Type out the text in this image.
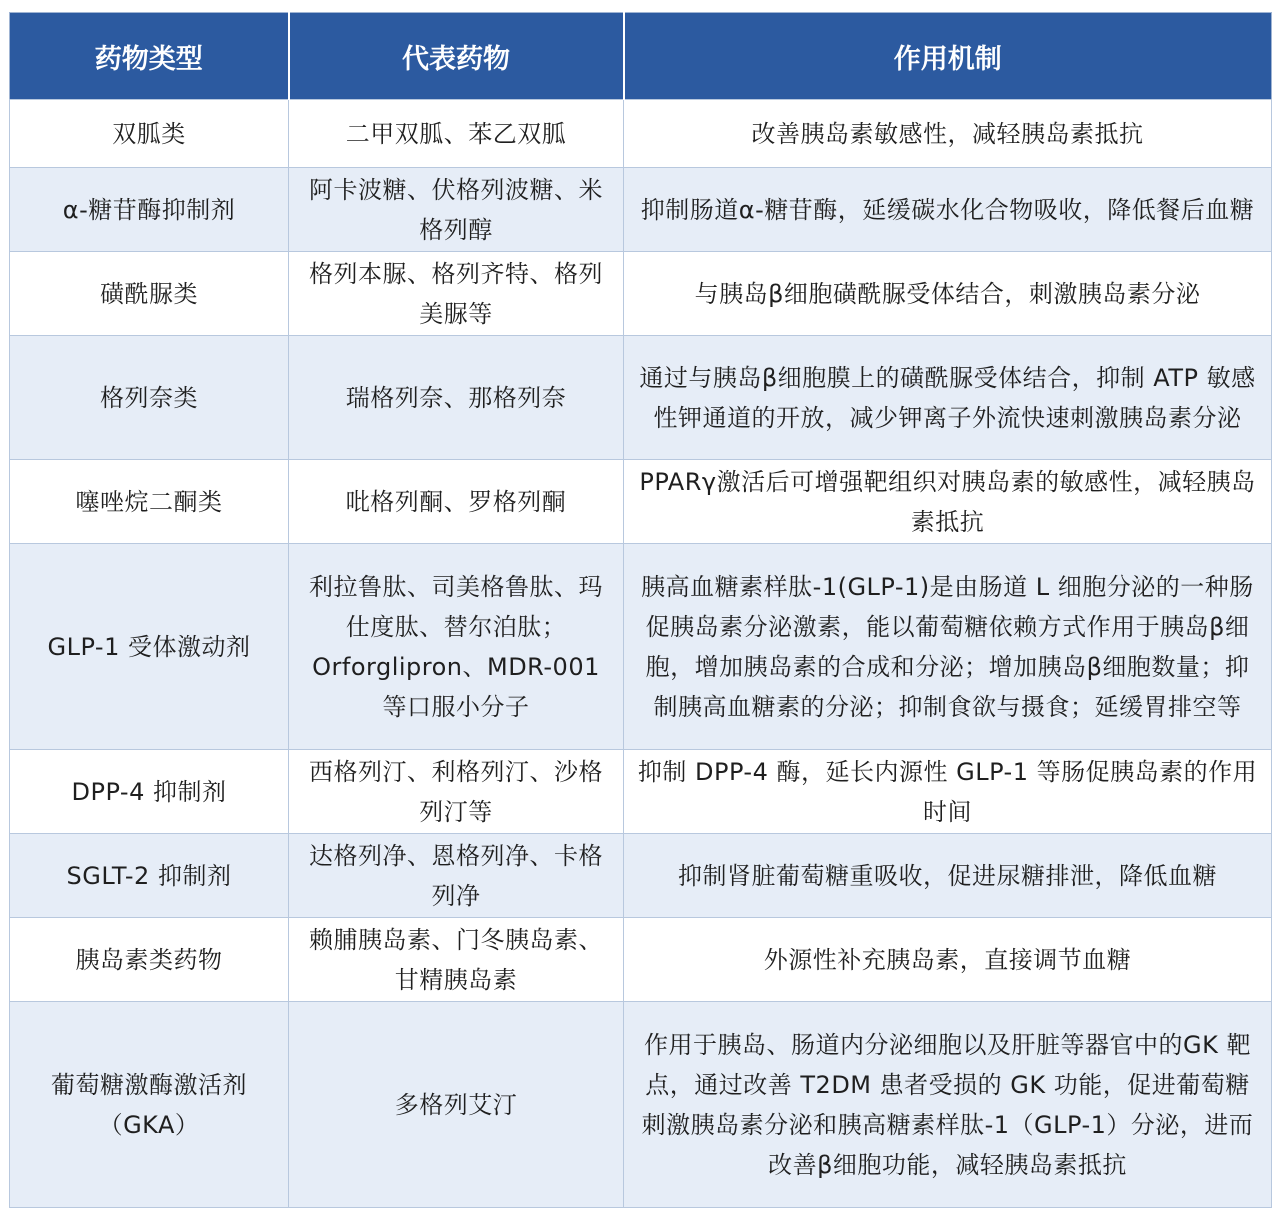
药物类型	代表药物	作用机制
双胍类	二甲双胍、苯乙双胍	改善胰岛素敏感性，减轻胰岛素抵抗
α-糖苷酶抑制剂	阿卡波糖、伏格列波糖、米格列醇	抑制肠道α-糖苷酶，延缓碳水化合物吸收，降低餐后血糖
磺酰脲类	格列本脲、格列齐特、格列美脲等	与胰岛β细胞磺酰脲受体结合，刺激胰岛素分泌
格列奈类	瑞格列奈、那格列奈	通过与胰岛β细胞膜上的磺酰脲受体结合，抑制 ATP 敏感性钾通道的开放，减少钾离子外流快速刺激胰岛素分泌
噻唑烷二酮类	吡格列酮、罗格列酮	PPARγ激活后可增强靶组织对胰岛素的敏感性，减轻胰岛素抵抗
GLP-1 受体激动剂	利拉鲁肽、司美格鲁肽、玛仕度肽、替尔泊肽；Orforglipron、MDR-001等口服小分子	胰高血糖素样肽-1(GLP-1)是由肠道 L 细胞分泌的一种肠促胰岛素分泌激素，能以葡萄糖依赖方式作用于胰岛β细胞，增加胰岛素的合成和分泌；增加胰岛β细胞数量；抑制胰高血糖素的分泌；抑制食欲与摄食；延缓胃排空等
DPP-4 抑制剂	西格列汀、利格列汀、沙格列汀等	抑制 DPP-4 酶，延长内源性 GLP-1 等肠促胰岛素的作用时间
SGLT-2 抑制剂	达格列净、恩格列净、卡格列净	抑制肾脏葡萄糖重吸收，促进尿糖排泄，降低血糖
胰岛素类药物	赖脯胰岛素、门冬胰岛素、甘精胰岛素	外源性补充胰岛素，直接调节血糖
葡萄糖激酶激活剂（GKA）	多格列艾汀	作用于胰岛、肠道内分泌细胞以及肝脏等器官中的GK 靶点，通过改善 T2DM 患者受损的 GK 功能，促进葡萄糖刺激胰岛素分泌和胰高糖素样肽-1（GLP-1）分泌，进而改善β细胞功能，减轻胰岛素抵抗
